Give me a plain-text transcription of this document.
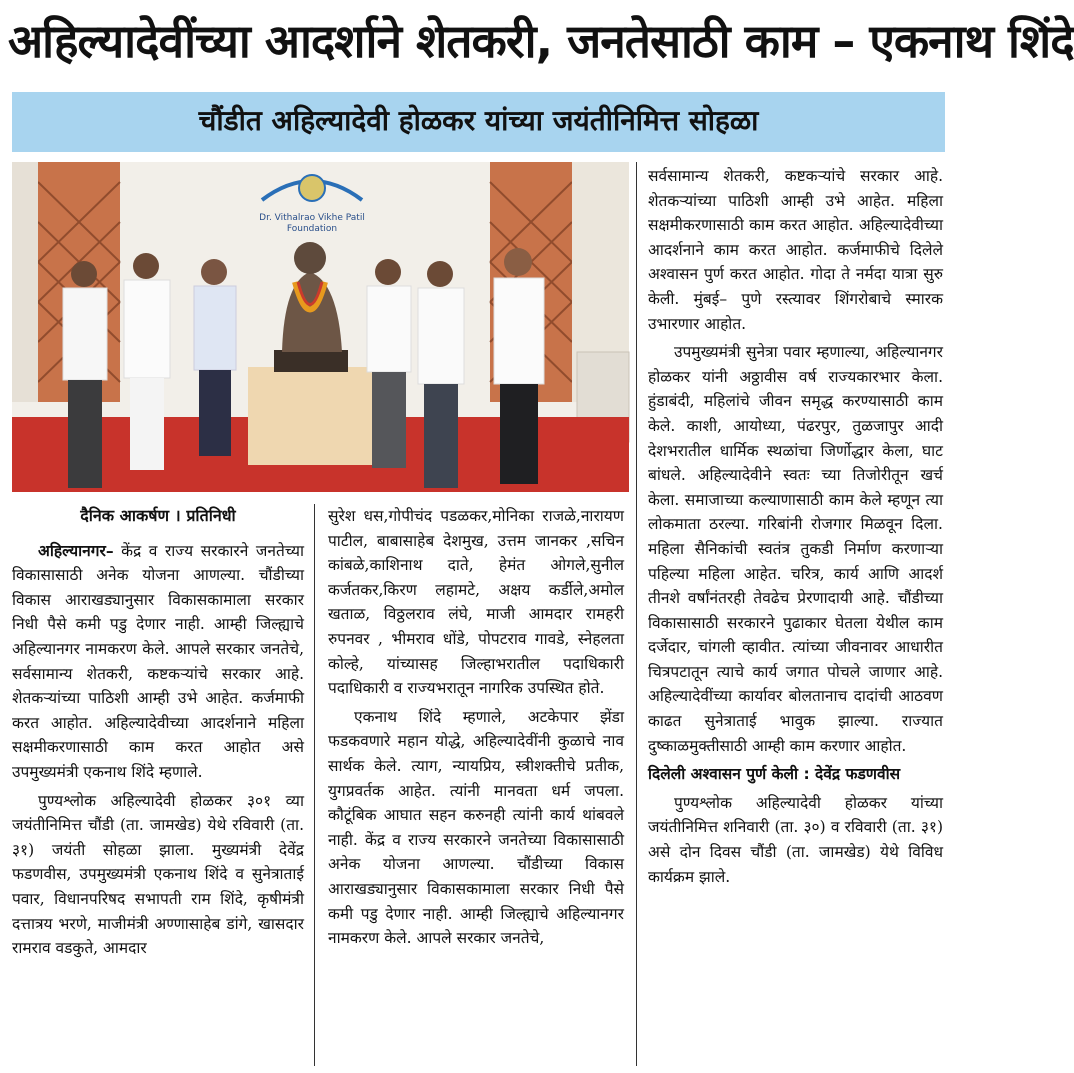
अहिल्यादेवींच्या आदर्शाने शेतकरी, जनतेसाठी काम – एकनाथ शिंदे
चौंडीत अहिल्यादेवी होळकर यांच्या जयंतीनिमित्त सोहळा
Dr. Vithalrao Vikhe Patil
Foundation

दैनिक आकर्षण । प्रतिनिधी

अहिल्यानगर– केंद्र व राज्य सरकारने जनतेच्या विकासासाठी अनेक योजना आणल्या. चौंडीच्या विकास आराखड्यानुसार विकासकामाला सरकार निधी पैसे कमी पडु देणार नाही. आम्ही जिल्ह्याचे अहिल्यानगर नामकरण केले. आपले सरकार जनतेचे, सर्वसामान्य शेतकरी, कष्टकऱ्यांचे सरकार आहे. शेतकऱ्यांच्या पाठिशी आम्ही उभे आहेत. कर्जमाफी करत आहोत. अहिल्यादेवीच्या आदर्शनाने महिला सक्षमीकरणासाठी काम करत आहोत असे उपमुख्यमंत्री एकनाथ शिंदे म्हणाले.

पुण्यश्लोक अहिल्यादेवी होळकर ३०१ व्या जयंतीनिमित्त चौंडी (ता. जामखेड) येथे रविवारी (ता. ३१) जयंती सोहळा झाला. मुख्यमंत्री देवेंद्र फडणवीस, उपमुख्यमंत्री एकनाथ शिंदे व सुनेत्राताई पवार, विधानपरिषद सभापती राम शिंदे, कृषीमंत्री दत्तात्रय भरणे, माजीमंत्री अण्णासाहेब डांगे, खासदार रामराव वडकुते, आमदार

सुरेश धस,गोपीचंद पडळकर,मोनिका राजळे,नारायण पाटील, बाबासाहेब देशमुख, उत्तम जानकर ,सचिन कांबळे,काशिनाथ दाते, हेमंत ओगले,सुनील कर्जतकर,किरण लहामटे, अक्षय कर्डीले,अमोल खताळ, विठ्ठलराव लंघे, माजी आमदार रामहरी रुपनवर , भीमराव धोंडे, पोपटराव गावडे, स्नेहलता कोल्हे, यांच्यासह जिल्हाभरातील पदाधिकारी पदाधिकारी व राज्यभरातून नागरिक उपस्थित होते.

एकनाथ शिंदे म्हणाले, अटकेपार झेंडा फडकवणारे महान योद्धे, अहिल्यादेवींनी कुळाचे नाव सार्थक केले. त्याग, न्यायप्रिय, स्त्रीशक्तीचे प्रतीक, युगप्रवर्तक आहेत. त्यांनी मानवता धर्म जपला. कौटूंबिक आघात सहन करुनही त्यांनी कार्य थांबवले नाही. केंद्र व राज्य सरकारने जनतेच्या विकासासाठी अनेक योजना आणल्या. चौंडीच्या विकास आराखड्यानुसार विकासकामाला सरकार निधी पैसे कमी पडु देणार नाही. आम्ही जिल्ह्याचे अहिल्यानगर नामकरण केले. आपले सरकार जनतेचे,

सर्वसामान्य शेतकरी, कष्टकऱ्यांचे सरकार आहे. शेतकऱ्यांच्या पाठिशी आम्ही उभे आहेत. महिला सक्षमीकरणासाठी काम करत आहोत. अहिल्यादेवीच्या आदर्शनाने काम करत आहोत. कर्जमाफीचे दिलेले अश्वासन पुर्ण करत आहोत. गोदा ते नर्मदा यात्रा सुरु केली. मुंबई– पुणे रस्त्यावर शिंगरोबाचे स्मारक उभारणार आहोत.

उपमुख्यमंत्री सुनेत्रा पवार म्हणाल्या, अहिल्यानगर होळकर यांनी अठ्ठावीस वर्ष राज्यकारभार केला. हुंडाबंदी, महिलांचे जीवन समृद्ध करण्यासाठी काम केले. काशी, आयोध्या, पंढरपुर, तुळजापुर आदी देशभरातील धार्मिक स्थळांचा जिर्णोद्धार केला, घाट बांधले. अहिल्यादेवीने स्वतः च्या तिजोरीतून खर्च केला. समाजाच्या कल्याणासाठी काम केले म्हणून त्या लोकमाता ठरल्या. गरिबांनी रोजगार मिळवून दिला. महिला सैनिकांची स्वतंत्र तुकडी निर्माण करणाऱ्या पहिल्या महिला आहेत. चरित्र, कार्य आणि आदर्श तीनशे वर्षांनंतरही तेवढेच प्रेरणादायी आहे. चौंडीच्या विकासासाठी सरकारने पुढाकार घेतला येथील काम दर्जेदार, चांगली व्हावीत. त्यांच्या जीवनावर आधारीत चित्रपटातून त्याचे कार्य जगात पोचले जाणार आहे. अहिल्यादेवींच्या कार्यावर बोलतानाच दादांची आठवण काढत सुनेत्राताई भावुक झाल्या. राज्यात दुष्काळमुक्तीसाठी आम्ही काम करणार आहोत.

दिलेली अश्वासन पुर्ण केली : देवेंद्र फडणवीस

पुण्यश्लोक अहिल्यादेवी होळकर यांच्या जयंतीनिमित्त शनिवारी (ता. ३०) व रविवारी (ता. ३१) असे दोन दिवस चौंडी (ता. जामखेड) येथे विविध कार्यक्रम झाले.
